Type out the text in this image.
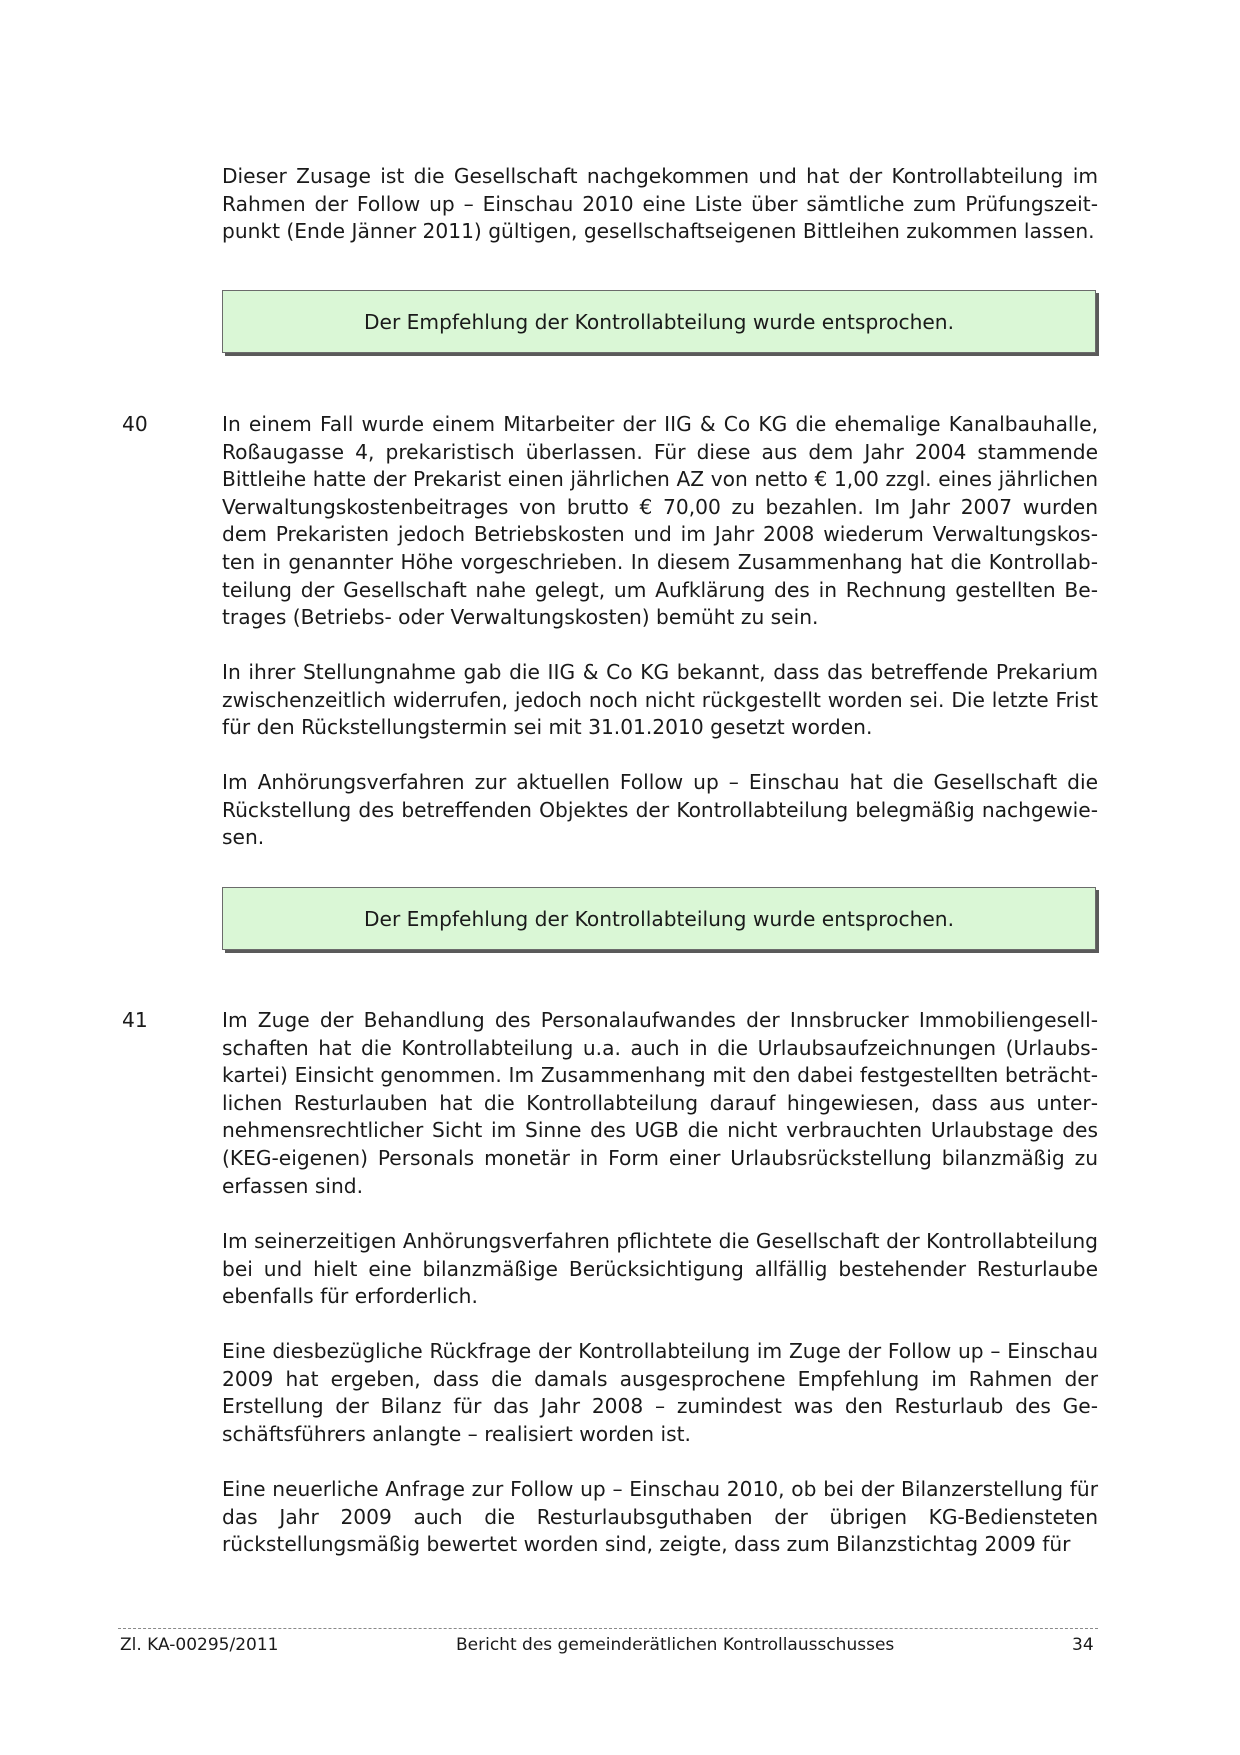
Dieser Zusage ist die Gesellschaft nachgekommen und hat der Kontrollabteilung im Rahmen der Follow up – Einschau 2010 eine Liste über sämtliche zum Prüfungszeitpunkt (Ende Jänner 2011) gültigen, gesellschaftseigenen Bittleihen zukommen lassen.

Der Empfehlung der Kontrollabteilung wurde entsprochen.
40	In einem Fall wurde einem Mitarbeiter der IIG & Co KG die ehemalige Kanalbauhalle, Roßaugasse 4, prekaristisch überlassen. Für diese aus dem Jahr 2004 stammende Bittleihe hatte der Prekarist einen jährlichen AZ von netto € 1,00 zzgl. eines jährlichen Verwaltungskostenbeitrages von brutto € 70,00 zu bezahlen. Im Jahr 2007 wurden dem Prekaristen jedoch Betriebskosten und im Jahr 2008 wiederum Verwaltungskosten in genannter Höhe vorgeschrieben. In diesem Zusammenhang hat die Kontrollabteilung der Gesellschaft nahe gelegt, um Aufklärung des in Rechnung gestellten Betrages (Betriebs- oder Verwaltungskosten) bemüht zu sein.

In ihrer Stellungnahme gab die IIG & Co KG bekannt, dass das betreffende Prekarium zwischenzeitlich widerrufen, jedoch noch nicht rückgestellt worden sei. Die letzte Frist für den Rückstellungstermin sei mit 31.01.2010 gesetzt worden.

Im Anhörungsverfahren zur aktuellen Follow up – Einschau hat die Gesellschaft die Rückstellung des betreffenden Objektes der Kontrollabteilung belegmäßig nachgewiesen.

Der Empfehlung der Kontrollabteilung wurde entsprochen.
41	Im Zuge der Behandlung des Personalaufwandes der Innsbrucker Immobiliengesellschaften hat die Kontrollabteilung u.a. auch in die Urlaubsaufzeichnungen (Urlaubskartei) Einsicht genommen. Im Zusammenhang mit den dabei festgestellten beträchtlichen Resturlauben hat die Kontrollabteilung darauf hingewiesen, dass aus unternehmensrechtlicher Sicht im Sinne des UGB die nicht verbrauchten Urlaubstage des (KEG-eigenen) Personals monetär in Form einer Urlaubsrückstellung bilanzmäßig zu erfassen sind.

Im seinerzeitigen Anhörungsverfahren pflichtete die Gesellschaft der Kontrollabteilung bei und hielt eine bilanzmäßige Berücksichtigung allfällig bestehender Resturlaube ebenfalls für erforderlich.

Eine diesbezügliche Rückfrage der Kontrollabteilung im Zuge der Follow up – Einschau 2009 hat ergeben, dass die damals ausgesprochene Empfehlung im Rahmen der Erstellung der Bilanz für das Jahr 2008 – zumindest was den Resturlaub des Geschäftsführers anlangte – realisiert worden ist.

Eine neuerliche Anfrage zur Follow up – Einschau 2010, ob bei der Bilanzerstellung für das Jahr 2009 auch die Resturlaubsguthaben der übrigen KG-Bediensteten rückstellungsmäßig bewertet worden sind, zeigte, dass zum Bilanzstichtag 2009 für

Zl. KA-00295/2011	Bericht des gemeinderätlichen Kontrollausschusses	34
